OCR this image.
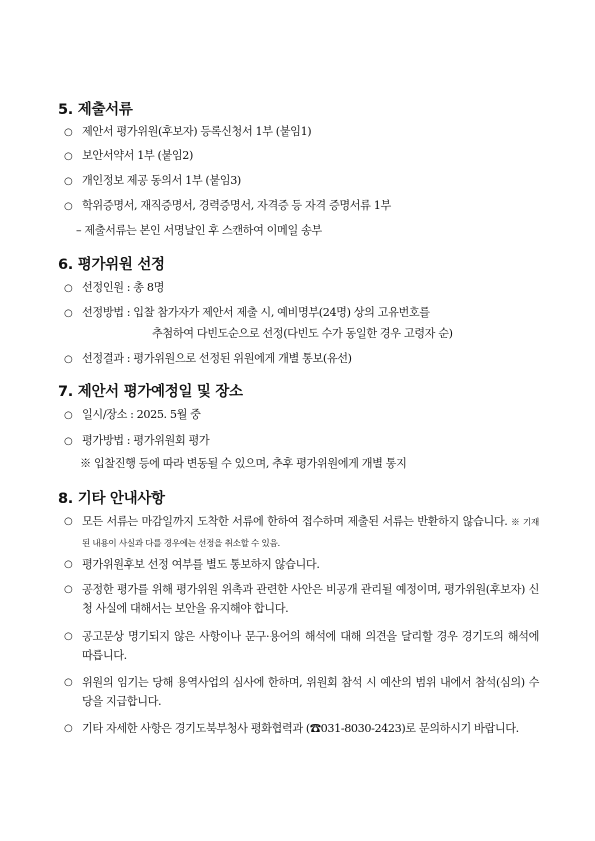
5. 제출서류
○ 제안서 평가위원(후보자) 등록신청서 1부 (붙임1)
○ 보안서약서 1부 (붙임2)
○ 개인정보 제공 동의서 1부 (붙임3)
○ 학위증명서, 재직증명서, 경력증명서, 자격증 등 자격 증명서류 1부
– 제출서류는 본인 서명날인 후 스캔하여 이메일 송부
6. 평가위원 선정
○ 선정인원 : 총 8명
○ 선정방법 : 입찰 참가자가 제안서 제출 시, 예비명부(24명) 상의 고유번호를
추첨하여 다빈도순으로 선정(다빈도 수가 동일한 경우 고령자 순)
○ 선정결과 : 평가위원으로 선정된 위원에게 개별 통보(유선)
7. 제안서 평가예정일 및 장소
○ 일시/장소 : 2025. 5월 중
○ 평가방법 : 평가위원회 평가
※ 입찰진행 등에 따라 변동될 수 있으며, 추후 평가위원에게 개별 통지
8. 기타 안내사항
○ 모든 서류는 마감일까지 도착한 서류에 한하여 접수하며 제출된 서류는 반환하지 않습니다. ※ 기재된 내용이 사실과 다를 경우에는 선정을 취소할 수 있음.
○ 평가위원후보 선정 여부를 별도 통보하지 않습니다.
○ 공정한 평가를 위해 평가위원 위촉과 관련한 사안은 비공개 관리될 예정이며, 평가위원(후보자) 신청 사실에 대해서는 보안을 유지해야 합니다.
○ 공고문상 명기되지 않은 사항이나 문구·용어의 해석에 대해 의견을 달리할 경우 경기도의 해석에 따릅니다.
○ 위원의 임기는 당해 용역사업의 심사에 한하며, 위원회 참석 시 예산의 범위 내에서 참석(심의) 수당을 지급합니다.
○ 기타 자세한 사항은 경기도북부청사 평화협력과 (☎031-8030-2423)로 문의하시기 바랍니다.
